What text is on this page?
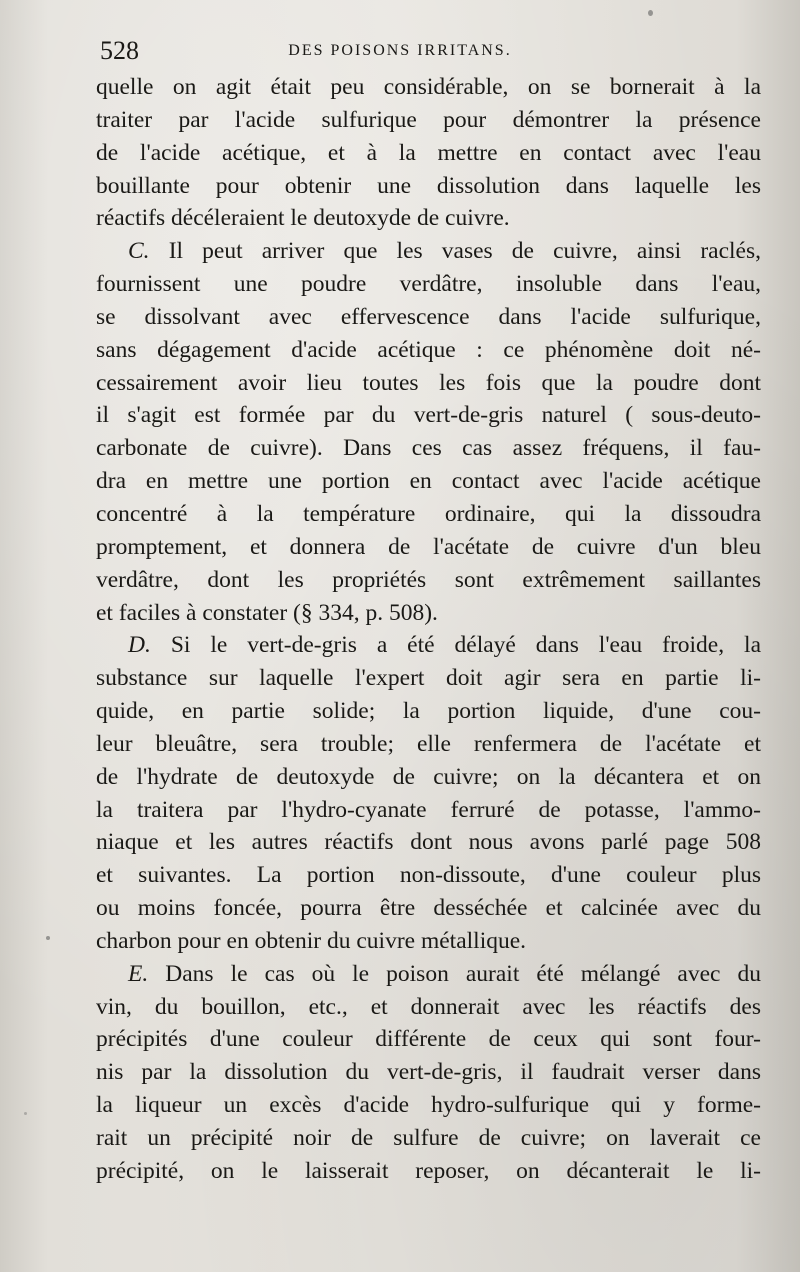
528	DES POISONS IRRITANS.
quelle on agit était peu considérable, on se bornerait à la
traiter par l'acide sulfurique pour démontrer la présence
de l'acide acétique, et à la mettre en contact avec l'eau
bouillante pour obtenir une dissolution dans laquelle les
réactifs décéleraient le deutoxyde de cuivre.
C. Il peut arriver que les vases de cuivre, ainsi raclés,
fournissent une poudre verdâtre, insoluble dans l'eau,
se dissolvant avec effervescence dans l'acide sulfurique,
sans dégagement d'acide acétique : ce phénomène doit né-
cessairement avoir lieu toutes les fois que la poudre dont
il s'agit est formée par du vert-de-gris naturel ( sous-deuto-
carbonate de cuivre). Dans ces cas assez fréquens, il fau-
dra en mettre une portion en contact avec l'acide acétique
concentré à la température ordinaire, qui la dissoudra
promptement, et donnera de l'acétate de cuivre d'un bleu
verdâtre, dont les propriétés sont extrêmement saillantes
et faciles à constater (§ 334, p. 508).
D. Si le vert-de-gris a été délayé dans l'eau froide, la
substance sur laquelle l'expert doit agir sera en partie li-
quide, en partie solide; la portion liquide, d'une cou-
leur bleuâtre, sera trouble; elle renfermera de l'acétate et
de l'hydrate de deutoxyde de cuivre; on la décantera et on
la traitera par l'hydro-cyanate ferruré de potasse, l'ammo-
niaque et les autres réactifs dont nous avons parlé page 508
et suivantes. La portion non-dissoute, d'une couleur plus
ou moins foncée, pourra être desséchée et calcinée avec du
charbon pour en obtenir du cuivre métallique.
E. Dans le cas où le poison aurait été mélangé avec du
vin, du bouillon, etc., et donnerait avec les réactifs des
précipités d'une couleur différente de ceux qui sont four-
nis par la dissolution du vert-de-gris, il faudrait verser dans
la liqueur un excès d'acide hydro-sulfurique qui y forme-
rait un précipité noir de sulfure de cuivre; on laverait ce
précipité, on le laisserait reposer, on décanterait le li-
